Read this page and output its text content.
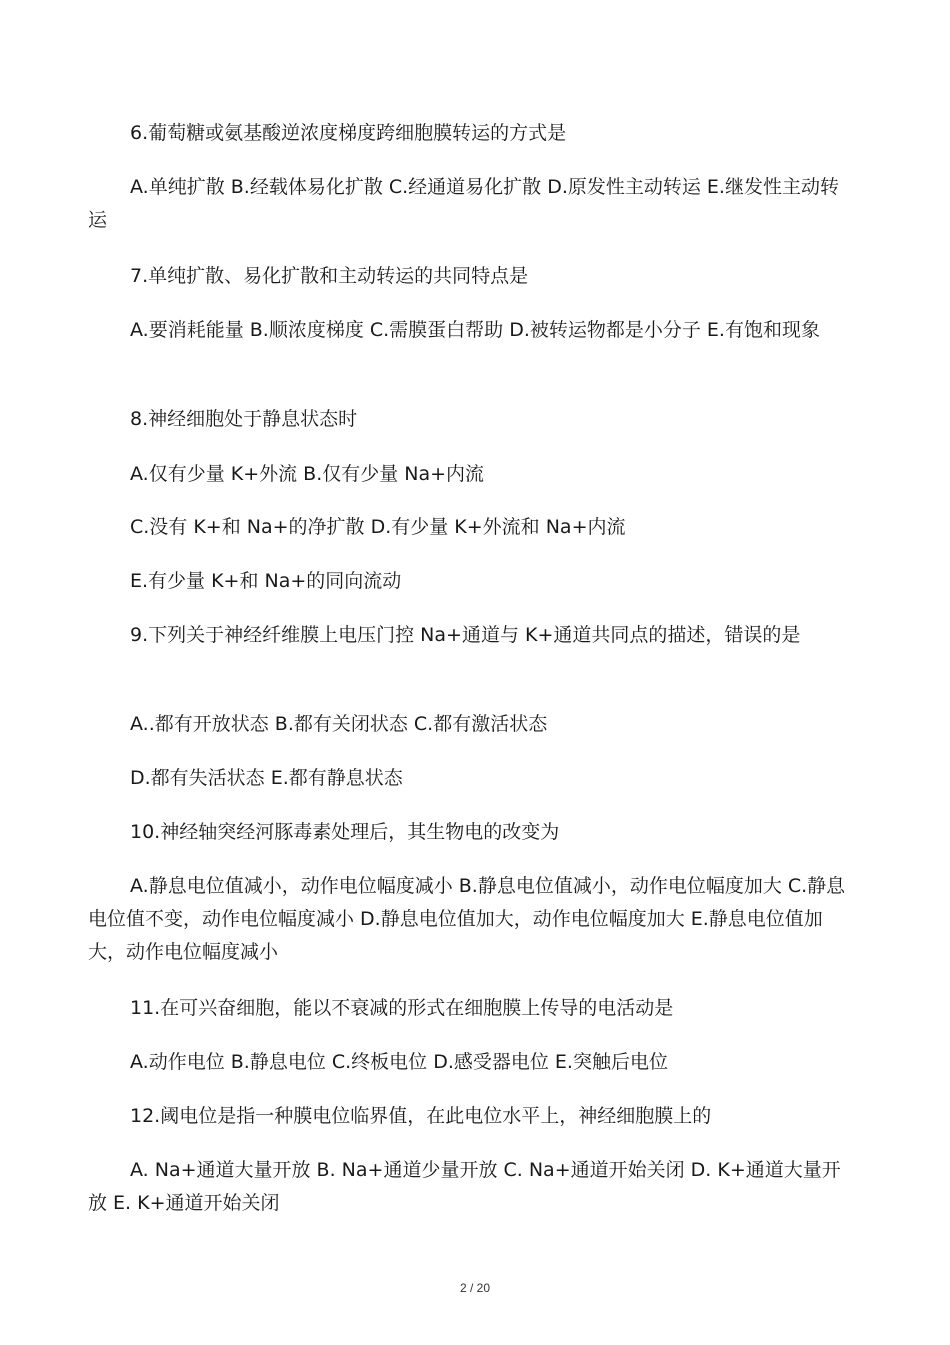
6.葡萄糖或氨基酸逆浓度梯度跨细胞膜转运的方式是

A.单纯扩散 B.经载体易化扩散 C.经通道易化扩散 D.原发性主动转运 E.继发性主动转运

7.单纯扩散、易化扩散和主动转运的共同特点是

A.要消耗能量 B.顺浓度梯度 C.需膜蛋白帮助 D.被转运物都是小分子 E.有饱和现象

8.神经细胞处于静息状态时

A.仅有少量 K+外流 B.仅有少量 Na+内流

C.没有 K+和 Na+的净扩散 D.有少量 K+外流和 Na+内流

E.有少量 K+和 Na+的同向流动

9.下列关于神经纤维膜上电压门控 Na+通道与 K+通道共同点的描述，错误的是

A..都有开放状态 B.都有关闭状态 C.都有激活状态

D.都有失活状态 E.都有静息状态

10.神经轴突经河豚毒素处理后，其生物电的改变为

A.静息电位值减小，动作电位幅度减小 B.静息电位值减小，动作电位幅度加大 C.静息电位值不变，动作电位幅度减小 D.静息电位值加大，动作电位幅度加大 E.静息电位值加大，动作电位幅度减小

11.在可兴奋细胞，能以不衰减的形式在细胞膜上传导的电活动是

A.动作电位 B.静息电位 C.终板电位 D.感受器电位 E.突触后电位

12.阈电位是指一种膜电位临界值，在此电位水平上，神经细胞膜上的

A. Na+通道大量开放 B. Na+通道少量开放 C. Na+通道开始关闭 D. K+通道大量开放 E. K+通道开始关闭

2 / 20
